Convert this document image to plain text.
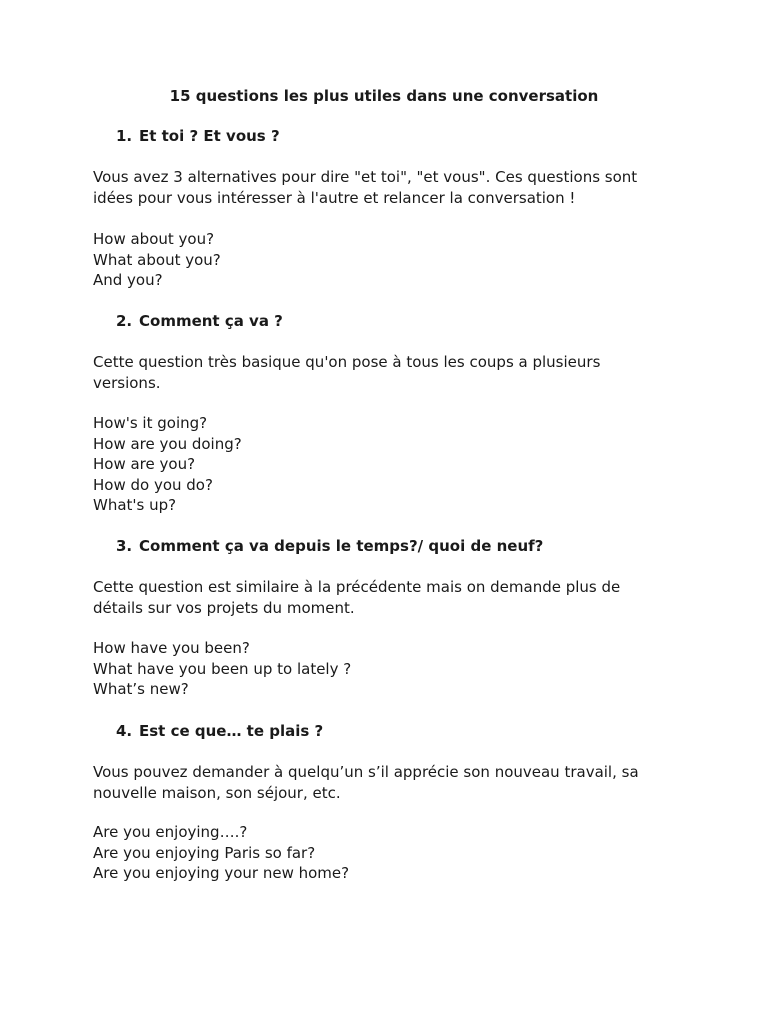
15 questions les plus utiles dans une conversation
1. Et toi ? Et vous ?
Vous avez 3 alternatives pour dire "et toi", "et vous". Ces questions sont idées pour vous intéresser à l'autre et relancer la conversation !
How about you?
What about you?
And you?
2. Comment ça va ?
Cette question très basique qu'on pose à tous les coups a plusieurs versions.
How's it going?
How are you doing?
How are you?
How do you do?
What's up?
3. Comment ça va depuis le temps?/ quoi de neuf?
Cette question est similaire à la précédente mais on demande plus de détails sur vos projets du moment.
How have you been?
What have you been up to lately ?
What’s new?
4. Est ce que… te plais ?
Vous pouvez demander à quelqu’un s’il apprécie son nouveau travail, sa nouvelle maison, son séjour, etc.
Are you enjoying….?
Are you enjoying Paris so far?
Are you enjoying your new home?
